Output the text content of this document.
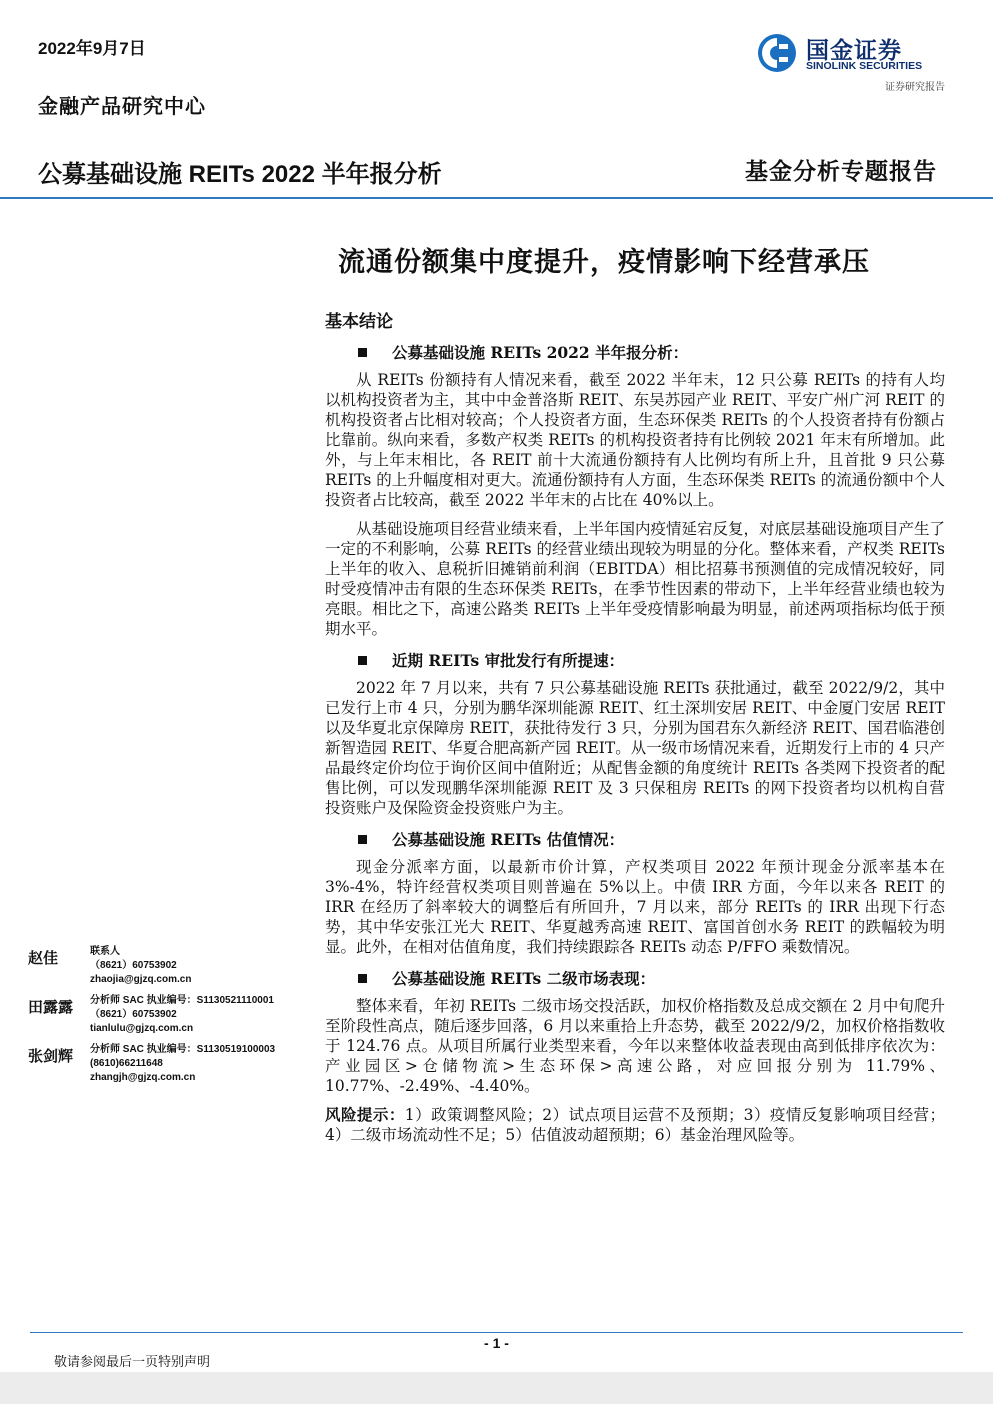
2022年9月7日
金融产品研究中心
国金证券
SINOLINK SECURITIES
证券研究报告
公募基础设施 REITs 2022 半年报分析	基金分析专题报告
流通份额集中度提升，疫情影响下经营承压
基本结论
公募基础设施 REITs 2022 半年报分析：

从 REITs 份额持有人情况来看，截至 2022 半年末，12 只公募 REITs 的持有人均以机构投资者为主，其中中金普洛斯 REIT、东吴苏园产业 REIT、平安广州广河 REIT 的机构投资者占比相对较高；个人投资者方面，生态环保类 REITs 的个人投资者持有份额占比靠前。纵向来看，多数产权类 REITs 的机构投资者持有比例较 2021 年末有所增加。此外，与上年末相比，各 REIT 前十大流通份额持有人比例均有所上升，且首批 9 只公募 REITs 的上升幅度相对更大。流通份额持有人方面，生态环保类 REITs 的流通份额中个人投资者占比较高，截至 2022 半年末的占比在 40%以上。

从基础设施项目经营业绩来看，上半年国内疫情延宕反复，对底层基础设施项目产生了一定的不利影响，公募 REITs 的经营业绩出现较为明显的分化。整体来看，产权类 REITs 上半年的收入、息税折旧摊销前利润（EBITDA）相比招募书预测值的完成情况较好，同时受疫情冲击有限的生态环保类 REITs，在季节性因素的带动下，上半年经营业绩也较为亮眼。相比之下，高速公路类 REITs 上半年受疫情影响最为明显，前述两项指标均低于预期水平。

近期 REITs 审批发行有所提速：

2022 年 7 月以来，共有 7 只公募基础设施 REITs 获批通过，截至 2022/9/2，其中已发行上市 4 只，分别为鹏华深圳能源 REIT、红土深圳安居 REIT、中金厦门安居 REIT 以及华夏北京保障房 REIT，获批待发行 3 只，分别为国君东久新经济 REIT、国君临港创新智造园 REIT、华夏合肥高新产园 REIT。从一级市场情况来看，近期发行上市的 4 只产品最终定价均位于询价区间中值附近；从配售金额的角度统计 REITs 各类网下投资者的配售比例，可以发现鹏华深圳能源 REIT 及 3 只保租房 REITs 的网下投资者均以机构自营投资账户及保险资金投资账户为主。

公募基础设施 REITs 估值情况：

现金分派率方面，以最新市价计算，产权类项目 2022 年预计现金分派率基本在 3%-4%，特许经营权类项目则普遍在 5%以上。中债 IRR 方面，今年以来各 REIT 的 IRR 在经历了斜率较大的调整后有所回升，7 月以来，部分 REITs 的 IRR 出现下行态势，其中华安张江光大 REIT、华夏越秀高速 REIT、富国首创水务 REIT 的跌幅较为明显。此外，在相对估值角度，我们持续跟踪各 REITs 动态 P/FFO 乘数情况。

公募基础设施 REITs 二级市场表现：

整体来看，年初 REITs 二级市场交投活跃，加权价格指数及总成交额在 2 月中旬爬升至阶段性高点，随后逐步回落，6 月以来重拾上升态势，截至 2022/9/2，加权价格指数收于 124.76 点。从项目所属行业类型来看，今年以来整体收益表现由高到低排序依次为：产业园区>仓储物流>生态环保>高速公路，对应回报分别为 11.79%、10.77%、-2.49%、-4.40%。

风险提示：1）政策调整风险；2）试点项目运营不及预期；3）疫情反复影响项目经营；4）二级市场流动性不足；5）估值波动超预期；6）基金治理风险等。

赵佳	联系人
（8621）60753902
zhaojia@gjzq.com.cn
田露露 分析师 SAC 执业编号：S1130521110001
（8621）60753902
tianlulu@gjzq.com.cn
张剑辉 分析师 SAC 执业编号：S1130519100003
(8610)66211648
zhangjh@gjzq.com.cn
- 1 -
敬请参阅最后一页特别声明
